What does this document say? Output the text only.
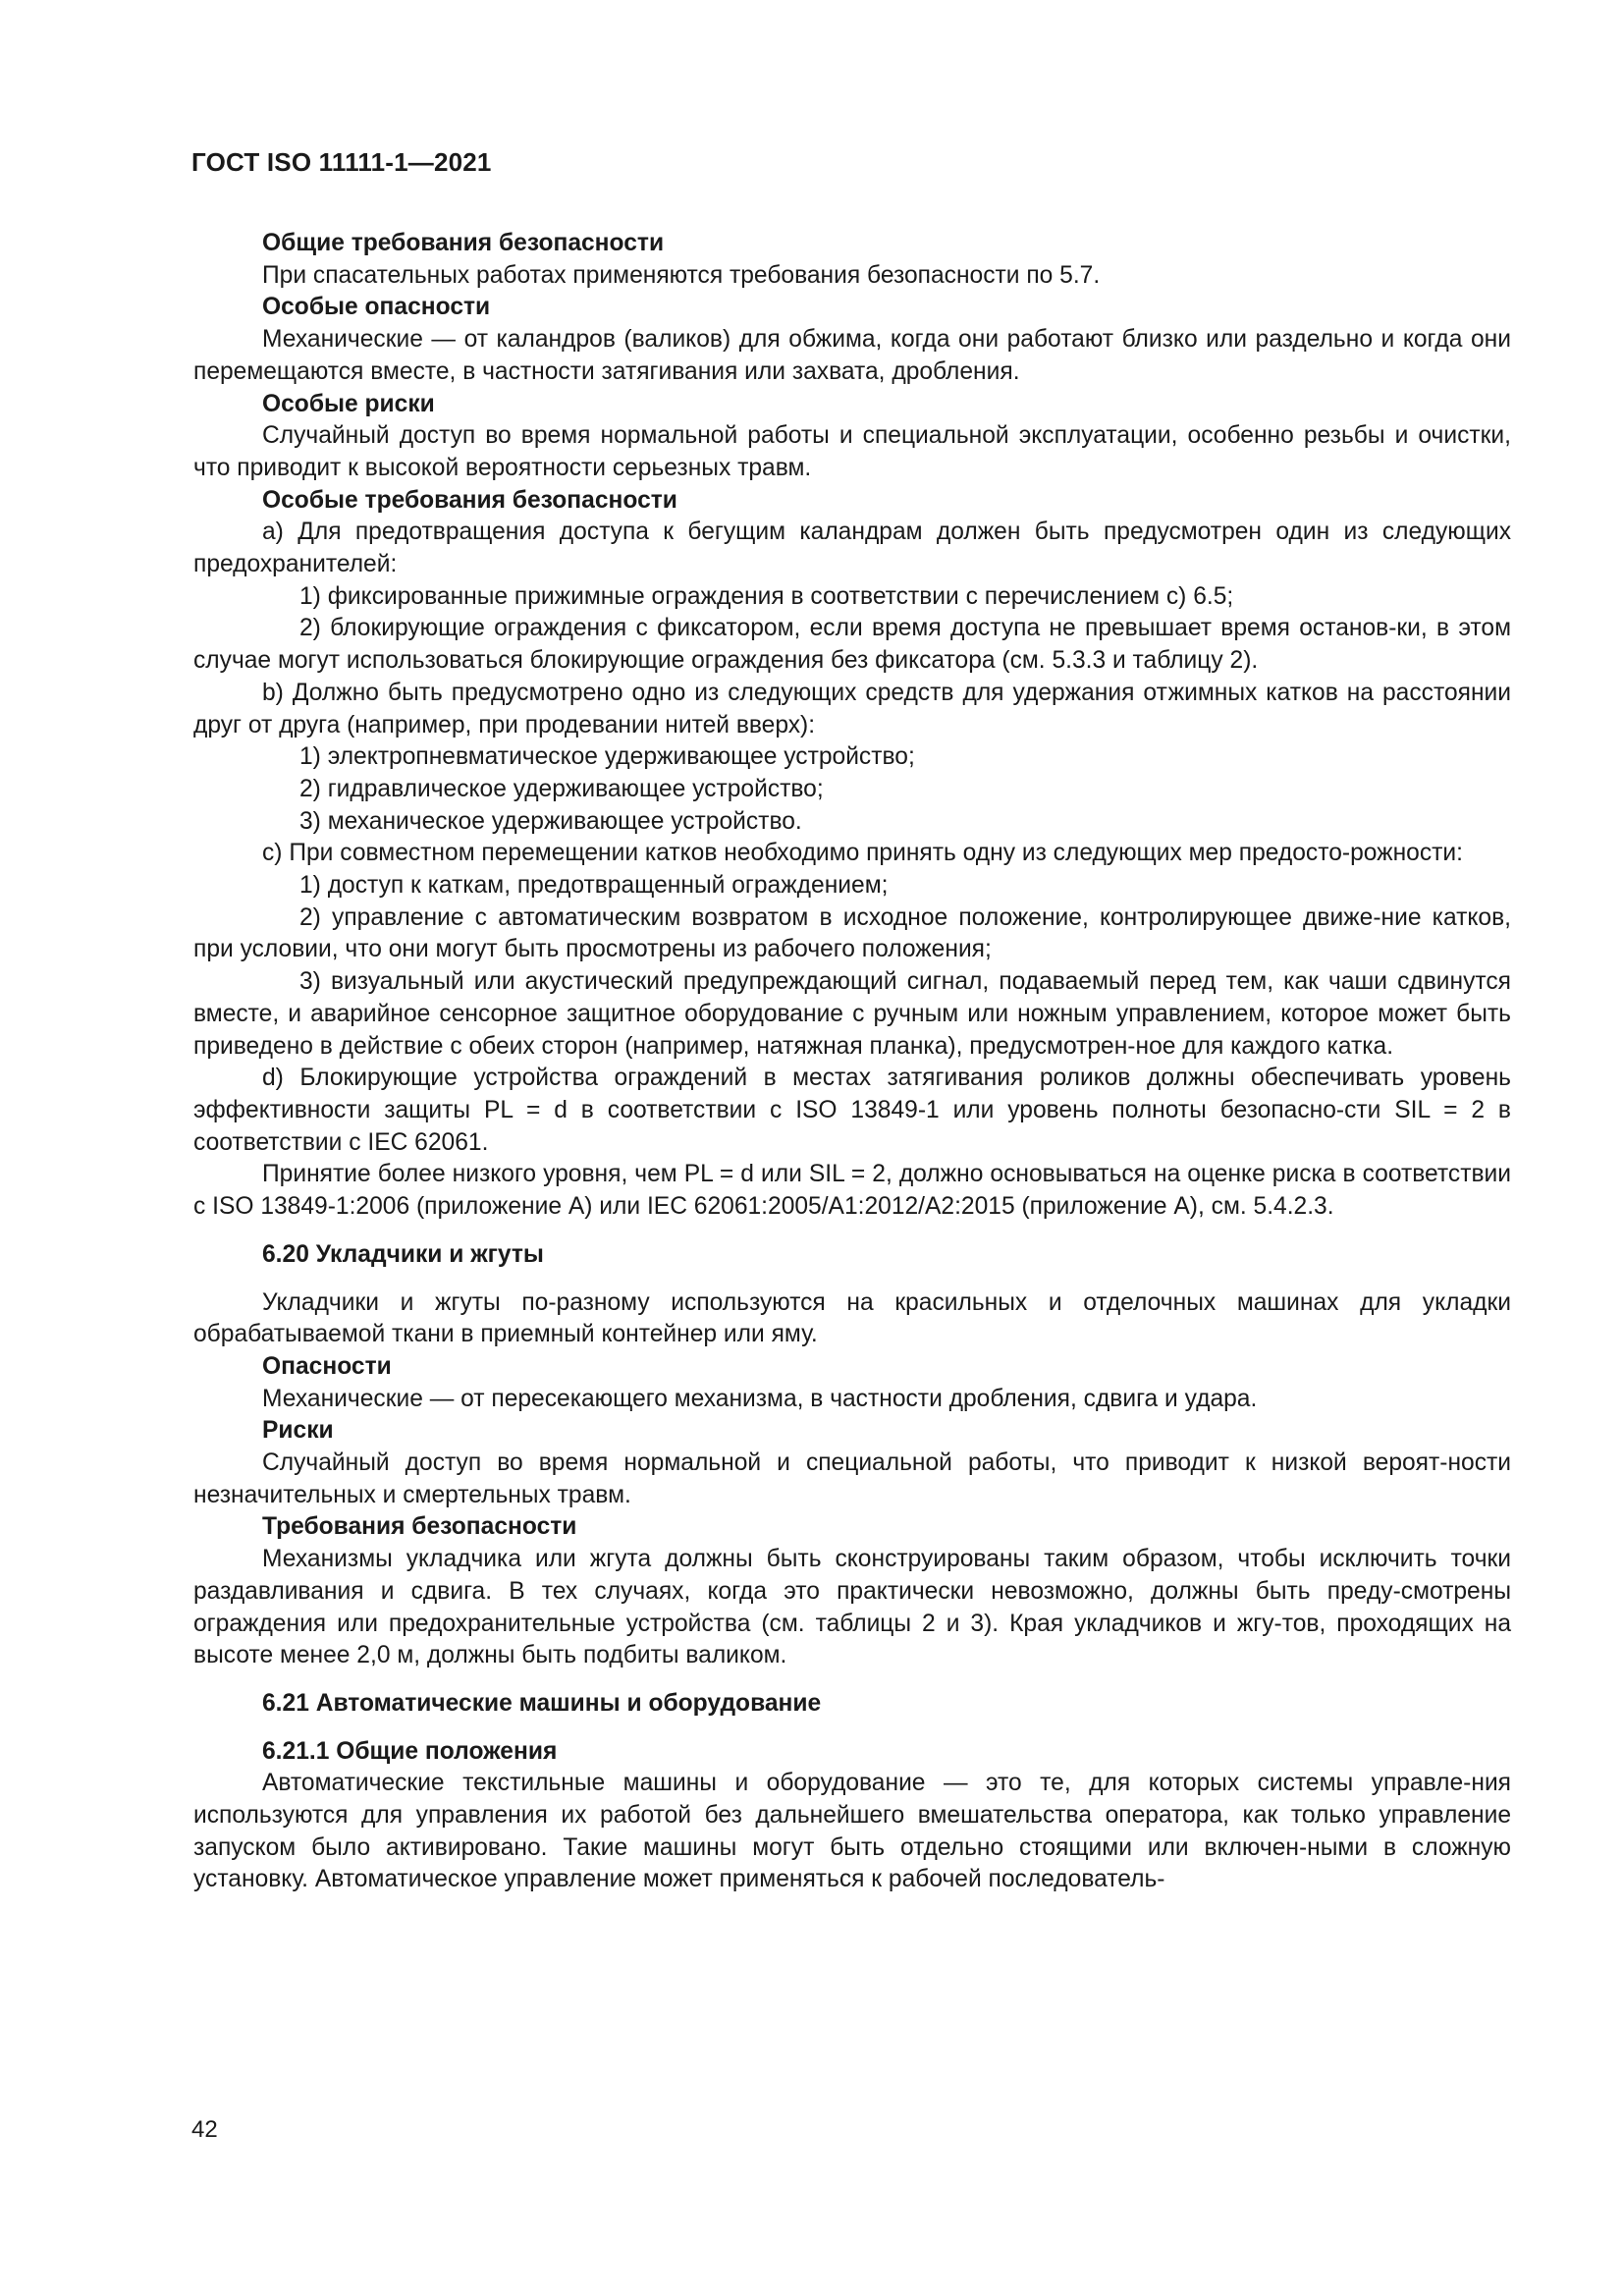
ГОСТ ISO 11111-1—2021

Общие требования безопасности

При спасательных работах применяются требования безопасности по 5.7.

Особые опасности

Механические — от каландров (валиков) для обжима, когда они работают близко или раздельно и когда они перемещаются вместе, в частности затягивания или захвата, дробления.

Особые риски

Случайный доступ во время нормальной работы и специальной эксплуатации, особенно резьбы и очистки, что приводит к высокой вероятности серьезных травм.

Особые требования безопасности

a) Для предотвращения доступа к бегущим каландрам должен быть предусмотрен один из следующих предохранителей:

1) фиксированные прижимные ограждения в соответствии с перечислением с) 6.5;

2) блокирующие ограждения с фиксатором, если время доступа не превышает время останов-ки, в этом случае могут использоваться блокирующие ограждения без фиксатора (см. 5.3.3 и таблицу 2).

b) Должно быть предусмотрено одно из следующих средств для удержания отжимных катков на расстоянии друг от друга (например, при продевании нитей вверх):

1) электропневматическое удерживающее устройство;

2) гидравлическое удерживающее устройство;

3) механическое удерживающее устройство.

c) При совместном перемещении катков необходимо принять одну из следующих мер предосто-рожности:

1) доступ к каткам, предотвращенный ограждением;

2) управление с автоматическим возвратом в исходное положение, контролирующее движе-ние катков, при условии, что они могут быть просмотрены из рабочего положения;

3) визуальный или акустический предупреждающий сигнал, подаваемый перед тем, как чаши сдвинутся вместе, и аварийное сенсорное защитное оборудование с ручным или ножным управлением, которое может быть приведено в действие с обеих сторон (например, натяжная планка), предусмотрен-ное для каждого катка.

d) Блокирующие устройства ограждений в местах затягивания роликов должны обеспечивать уровень эффективности защиты PL = d в соответствии с ISO 13849-1 или уровень полноты безопасно-сти SIL = 2 в соответствии с IEC 62061.

Принятие более низкого уровня, чем PL = d или SIL = 2, должно основываться на оценке риска в соответствии с ISO 13849-1:2006 (приложение А) или IEC 62061:2005/A1:2012/A2:2015 (приложение А), см. 5.4.2.3.

6.20 Укладчики и жгуты

Укладчики и жгуты по-разному используются на красильных и отделочных машинах для укладки обрабатываемой ткани в приемный контейнер или яму.

Опасности

Механические — от пересекающего механизма, в частности дробления, сдвига и удара.

Риски

Случайный доступ во время нормальной и специальной работы, что приводит к низкой вероят-ности незначительных и смертельных травм.

Требования безопасности

Механизмы укладчика или жгута должны быть сконструированы таким образом, чтобы исключить точки раздавливания и сдвига. В тех случаях, когда это практически невозможно, должны быть преду-смотрены ограждения или предохранительные устройства (см. таблицы 2 и 3). Края укладчиков и жгу-тов, проходящих на высоте менее 2,0 м, должны быть подбиты валиком.

6.21 Автоматические машины и оборудование

6.21.1 Общие положения

Автоматические текстильные машины и оборудование — это те, для которых системы управле-ния используются для управления их работой без дальнейшего вмешательства оператора, как только управление запуском было активировано. Такие машины могут быть отдельно стоящими или включен-ными в сложную установку. Автоматическое управление может применяться к рабочей последователь-

42
